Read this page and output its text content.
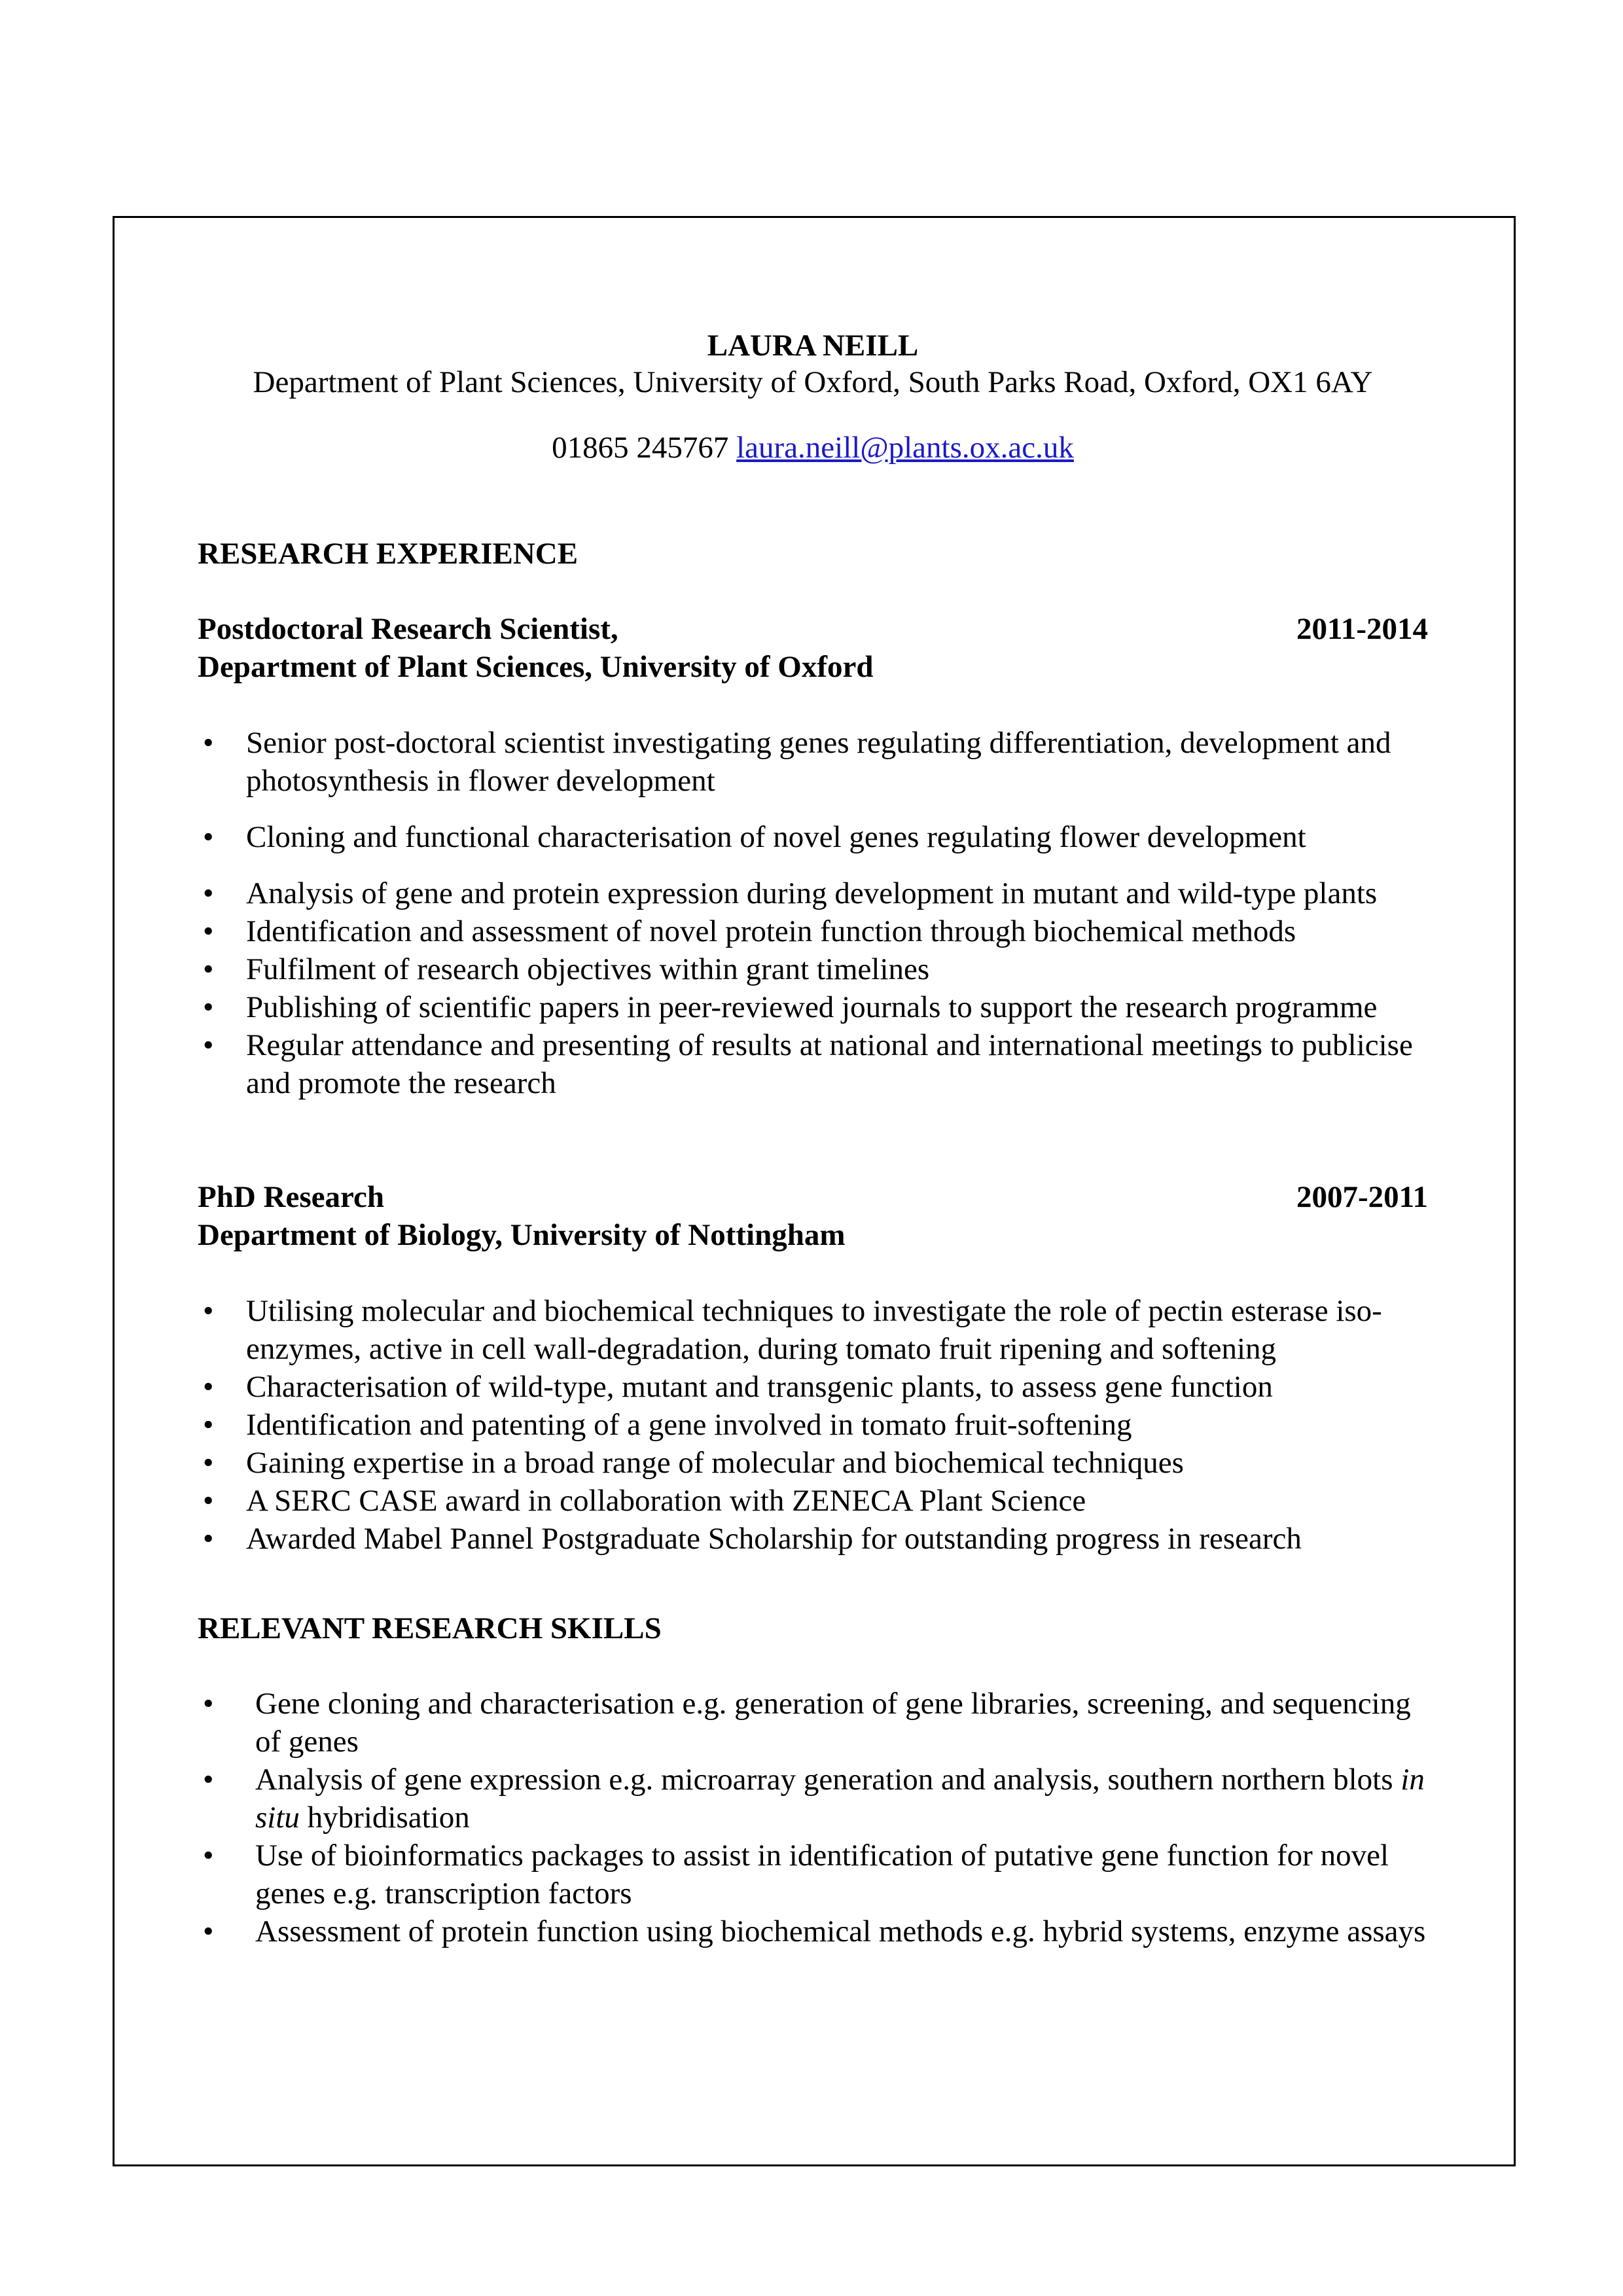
LAURA NEILL
Department of Plant Sciences, University of Oxford, South Parks Road, Oxford, OX1 6AY
01865 245767 laura.neill@plants.ox.ac.uk
RESEARCH EXPERIENCE
Postdoctoral Research Scientist,	2011-2014
Department of Plant Sciences, University of Oxford
• Senior post-doctoral scientist investigating genes regulating differentiation, development and photosynthesis in flower development
• Cloning and functional characterisation of novel genes regulating flower development
• Analysis of gene and protein expression during development in mutant and wild-type plants
• Identification and assessment of novel protein function through biochemical methods
• Fulfilment of research objectives within grant timelines
• Publishing of scientific papers in peer-reviewed journals to support the research programme
• Regular attendance and presenting of results at national and international meetings to publicise and promote the research
PhD Research	2007-2011
Department of Biology, University of Nottingham
• Utilising molecular and biochemical techniques to investigate the role of pectin esterase iso-enzymes, active in cell wall-degradation, during tomato fruit ripening and softening
• Characterisation of wild-type, mutant and transgenic plants, to assess gene function
• Identification and patenting of a gene involved in tomato fruit-softening
• Gaining expertise in a broad range of molecular and biochemical techniques
• A SERC CASE award in collaboration with ZENECA Plant Science
• Awarded Mabel Pannel Postgraduate Scholarship for outstanding progress in research
RELEVANT RESEARCH SKILLS
• Gene cloning and characterisation e.g. generation of gene libraries, screening, and sequencing of genes
• Analysis of gene expression e.g. microarray generation and analysis, southern northern blots in situ hybridisation
• Use of bioinformatics packages to assist in identification of putative gene function for novel genes e.g. transcription factors
• Assessment of protein function using biochemical methods e.g. hybrid systems, enzyme assays
